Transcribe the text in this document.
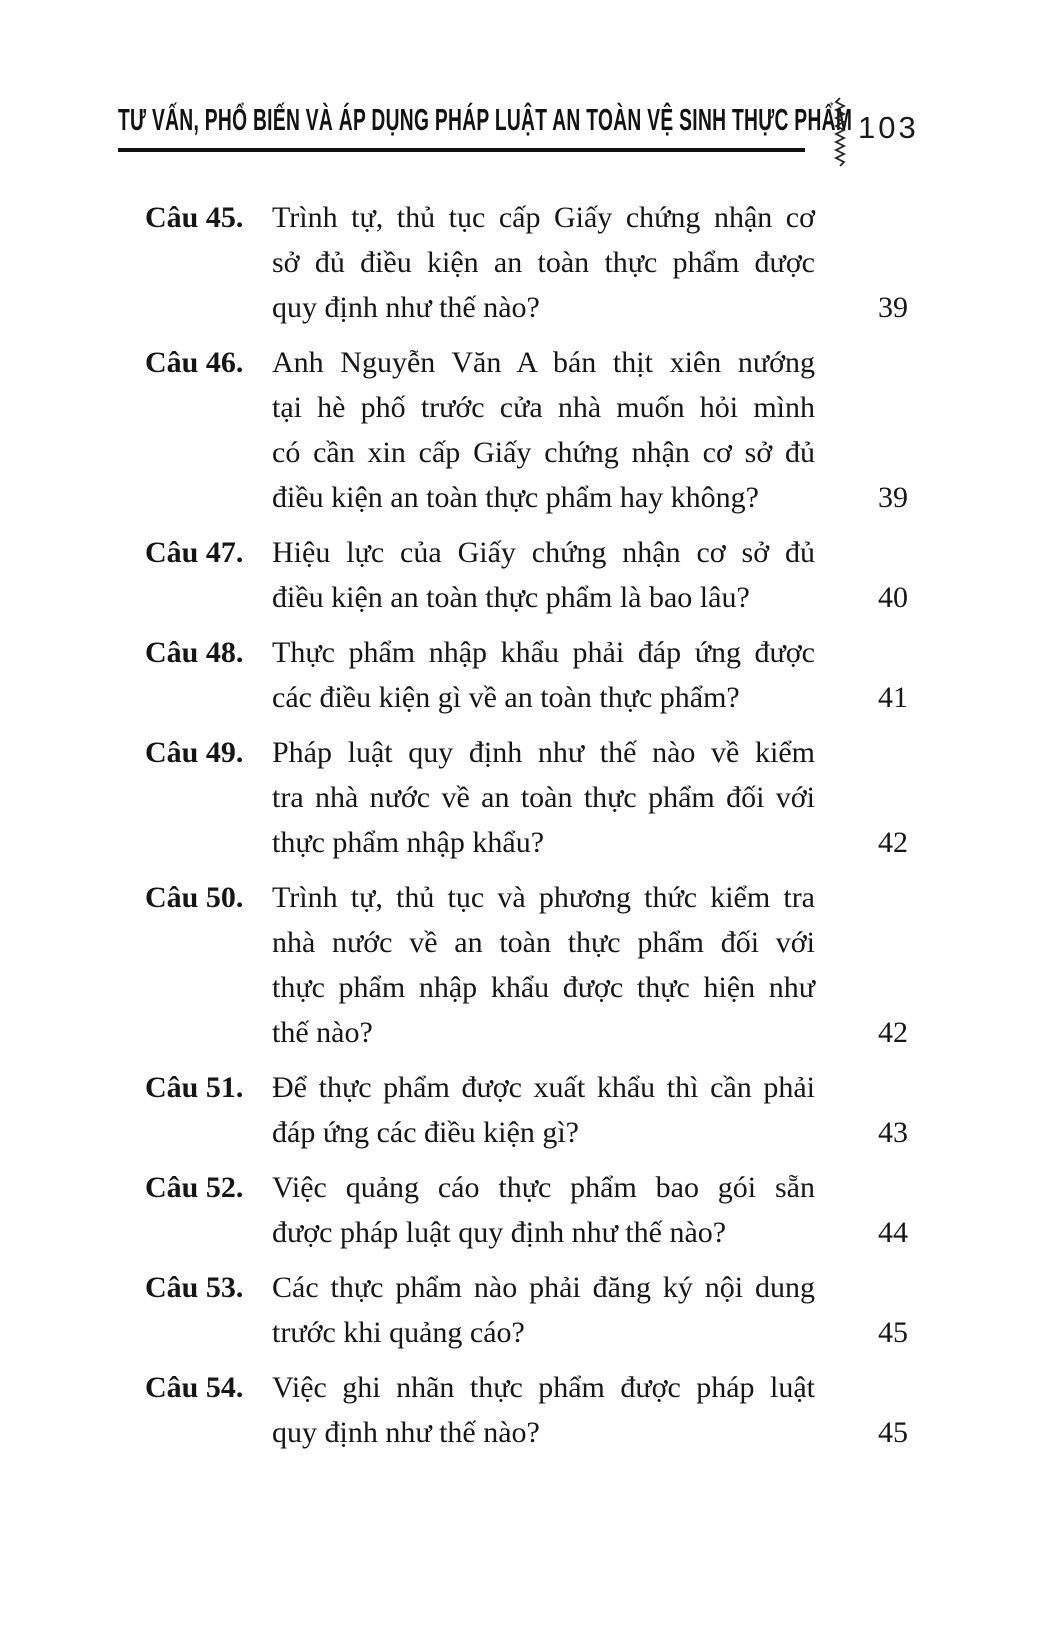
TƯ VẤN, PHỔ BIẾN VÀ ÁP DỤNG PHÁP LUẬT AN TOÀN VỆ SINH THỰC PHẨM 103
Câu 45. Trình tự, thủ tục cấp Giấy chứng nhận cơ
sở đủ điều kiện an toàn thực phẩm được
quy định như thế nào?	39
Câu 46. Anh Nguyễn Văn A bán thịt xiên nướng
tại hè phố trước cửa nhà muốn hỏi mình
có cần xin cấp Giấy chứng nhận cơ sở đủ
điều kiện an toàn thực phẩm hay không?	39
Câu 47. Hiệu lực của Giấy chứng nhận cơ sở đủ
điều kiện an toàn thực phẩm là bao lâu?	40
Câu 48. Thực phẩm nhập khẩu phải đáp ứng được
các điều kiện gì về an toàn thực phẩm?	41
Câu 49. Pháp luật quy định như thế nào về kiểm
tra nhà nước về an toàn thực phẩm đối với
thực phẩm nhập khẩu?	42
Câu 50. Trình tự, thủ tục và phương thức kiểm tra
nhà nước về an toàn thực phẩm đối với
thực phẩm nhập khẩu được thực hiện như
thế nào?	42
Câu 51. Để thực phẩm được xuất khẩu thì cần phải
đáp ứng các điều kiện gì?	43
Câu 52. Việc quảng cáo thực phẩm bao gói sẵn
được pháp luật quy định như thế nào?	44
Câu 53. Các thực phẩm nào phải đăng ký nội dung
trước khi quảng cáo?	45
Câu 54. Việc ghi nhãn thực phẩm được pháp luật
quy định như thế nào?	45
